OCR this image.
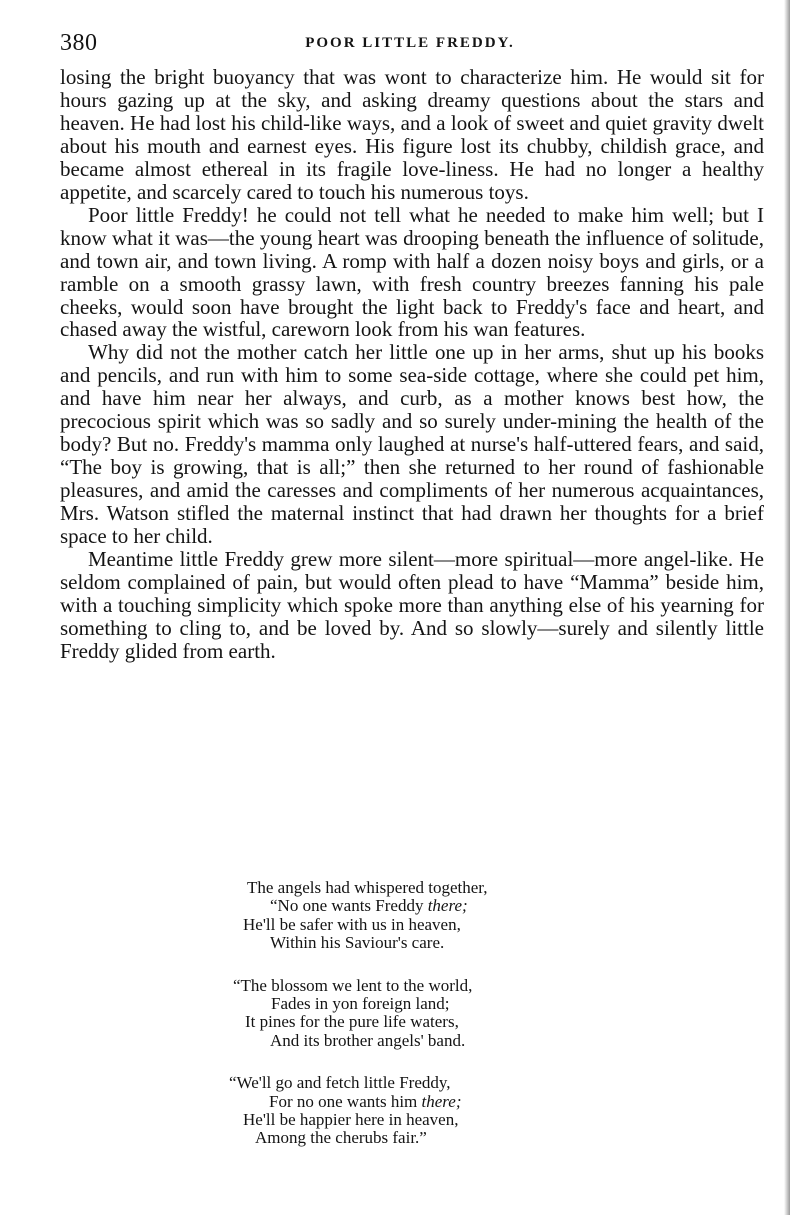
380	POOR LITTLE FREDDY.

losing the bright buoyancy that was wont to characterize him. He would sit for hours gazing up at the sky, and asking dreamy questions about the stars and heaven. He had lost his child-like ways, and a look of sweet and quiet gravity dwelt about his mouth and earnest eyes. His figure lost its chubby, childish grace, and became almost ethereal in its fragile love-liness. He had no longer a healthy appetite, and scarcely cared to touch his numerous toys.

Poor little Freddy! he could not tell what he needed to make him well; but I know what it was—the young heart was drooping beneath the influence of solitude, and town air, and town living. A romp with half a dozen noisy boys and girls, or a ramble on a smooth grassy lawn, with fresh country breezes fanning his pale cheeks, would soon have brought the light back to Freddy's face and heart, and chased away the wistful, careworn look from his wan features.

Why did not the mother catch her little one up in her arms, shut up his books and pencils, and run with him to some sea-side cottage, where she could pet him, and have him near her always, and curb, as a mother knows best how, the precocious spirit which was so sadly and so surely under-mining the health of the body? But no. Freddy's mamma only laughed at nurse's half-uttered fears, and said, “The boy is growing, that is all;” then she returned to her round of fashionable pleasures, and amid the caresses and compliments of her numerous acquaintances, Mrs. Watson stifled the maternal instinct that had drawn her thoughts for a brief space to her child.

Meantime little Freddy grew more silent—more spiritual—more angel-like. He seldom complained of pain, but would often plead to have “Mamma” beside him, with a touching simplicity which spoke more than anything else of his yearning for something to cling to, and be loved by. And so slowly—surely and silently little Freddy glided from earth.

The angels had whispered together,
“No one wants Freddy there;
He'll be safer with us in heaven,
Within his Saviour's care.
“The blossom we lent to the world,
Fades in yon foreign land;
It pines for the pure life waters,
And its brother angels' band.
“We'll go and fetch little Freddy,
For no one wants him there;
He'll be happier here in heaven,
Among the cherubs fair.”
